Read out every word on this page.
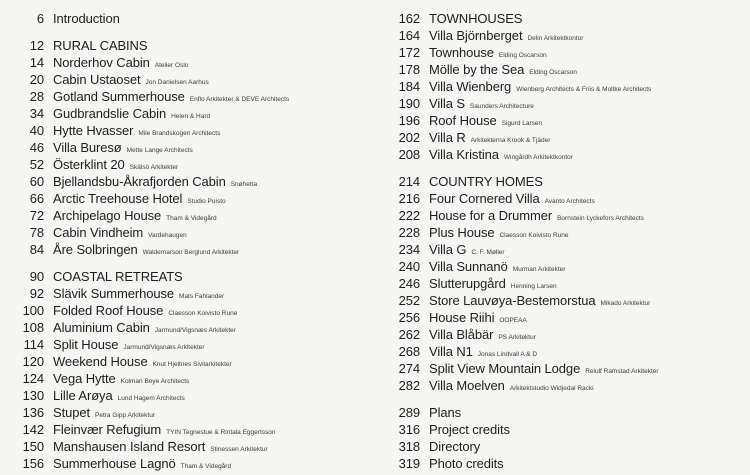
6 Introduction
12 RURAL CABINS
14 Norderhov Cabin Atelier Oslo
20 Cabin Ustaoset Jon Danielsen Aarhus
28 Gotland Summerhouse Enflo Arkitekter & DEVE Architects
34 Gudbrandslie Cabin Helen & Hard
40 Hytte Hvasser Mile Brandskogen Architects
46 Villa Buresø Mette Lange Architects
52 Österklint 20 Skälsö Arkitekter
60 Bjellandsbu-Åkrafjorden Cabin Snøhetta
66 Arctic Treehouse Hotel Studio Puisto
72 Archipelago House Tham & Videgård
78 Cabin Vindheim Vardehaugen
84 Åre Solbringen Waldemarson Berglund Arkitekter
90 COASTAL RETREATS
92 Slävik Summerhouse Mats Fahlander
100 Folded Roof House Claesson Koivisto Rune
108 Aluminium Cabin Jarmund/Vigsnæs Arkitekter
114 Split House Jarmund/Vigsnæs Arkitekter
120 Weekend House Knut Hjeltnes Sivilarkitekter
124 Vega Hytte Kolman Boye Architects
130 Lille Arøya Lund Hagem Architects
136 Stupet Petra Gipp Arkitektur
142 Fleinvær Refugium TYIN Tegnestue & Rintala Eggertsson
150 Manshausen Island Resort Stinessen Arkitektur
156 Summerhouse Lagnö Tham & Videgård
162 TOWNHOUSES
164 Villa Björnberget Delin Arkitektkontor
172 Townhouse Elding Oscarson
178 Mölle by the Sea Elding Oscarson
184 Villa Wienberg Wienberg Architects & Friis & Moltke Architects
190 Villa S Saunders Architecture
196 Roof House Sigurd Larsen
202 Villa R Arkitekterna Krook & Tjäder
208 Villa Kristina Wingårdh Arkitektkontor
214 COUNTRY HOMES
216 Four Cornered Villa Avanto Architects
222 House for a Drummer Bornstein Lyckefors Architects
228 Plus House Claesson Koivisto Rune
234 Villa G C. F. Møller
240 Villa Sunnanö Murman Arkitekter
246 Slutterupgård Henning Larsen
252 Store Lauvøya-Bestemorstua Mikado Arkitektur
256 House Riihi OOPEAA
262 Villa Blåbär PS Arkitektur
268 Villa N1 Jonas Lindvall A & D
274 Split View Mountain Lodge Reiulf Ramstad Arkitekter
282 Villa Moelven Arkitektstudio Widjedal Racki
289 Plans
316 Project credits
318 Directory
319 Photo credits
